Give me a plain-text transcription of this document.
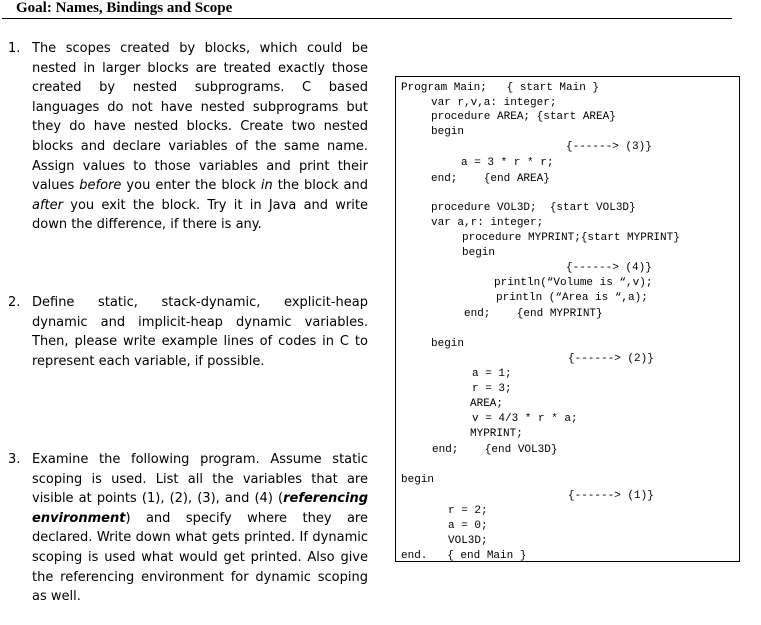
Goal: Names, Bindings and Scope
1. The scopes created by blocks, which could be nested in larger blocks are treated exactly those created by nested subprograms. C based languages do not have nested subprograms but they do have nested blocks. Create two nested blocks and declare variables of the same name. Assign values to those variables and print their values before you enter the block in the block and after you exit the block. Try it in Java and write down the difference, if there is any.
2. Define static, stack-dynamic, explicit-heap dynamic and implicit-heap dynamic variables. Then, please write example lines of codes in C to represent each variable, if possible.
3. Examine the following program. Assume static scoping is used. List all the variables that are visible at points (1), (2), (3), and (4) (referencing environment) and specify where they are declared. Write down what gets printed. If dynamic scoping is used what would get printed. Also give the referencing environment for dynamic scoping as well.
Program Main;   { start Main }
var r,v,a: integer;
procedure AREA; {start AREA}
begin
{------> (3)}
a = 3 * r * r;
end;    {end AREA}
procedure VOL3D;  {start VOL3D}
var a,r: integer;
procedure MYPRINT;{start MYPRINT}
begin
{------> (4)}
println(“Volume is “,v);
println (“Area is “,a);
end;    {end MYPRINT}
begin
{------> (2)}
a = 1;
r = 3;
AREA;
v = 4/3 * r * a;
MYPRINT;
end;    {end VOL3D}
begin
{------> (1)}
r = 2;
a = 0;
VOL3D;
end.   { end Main }
